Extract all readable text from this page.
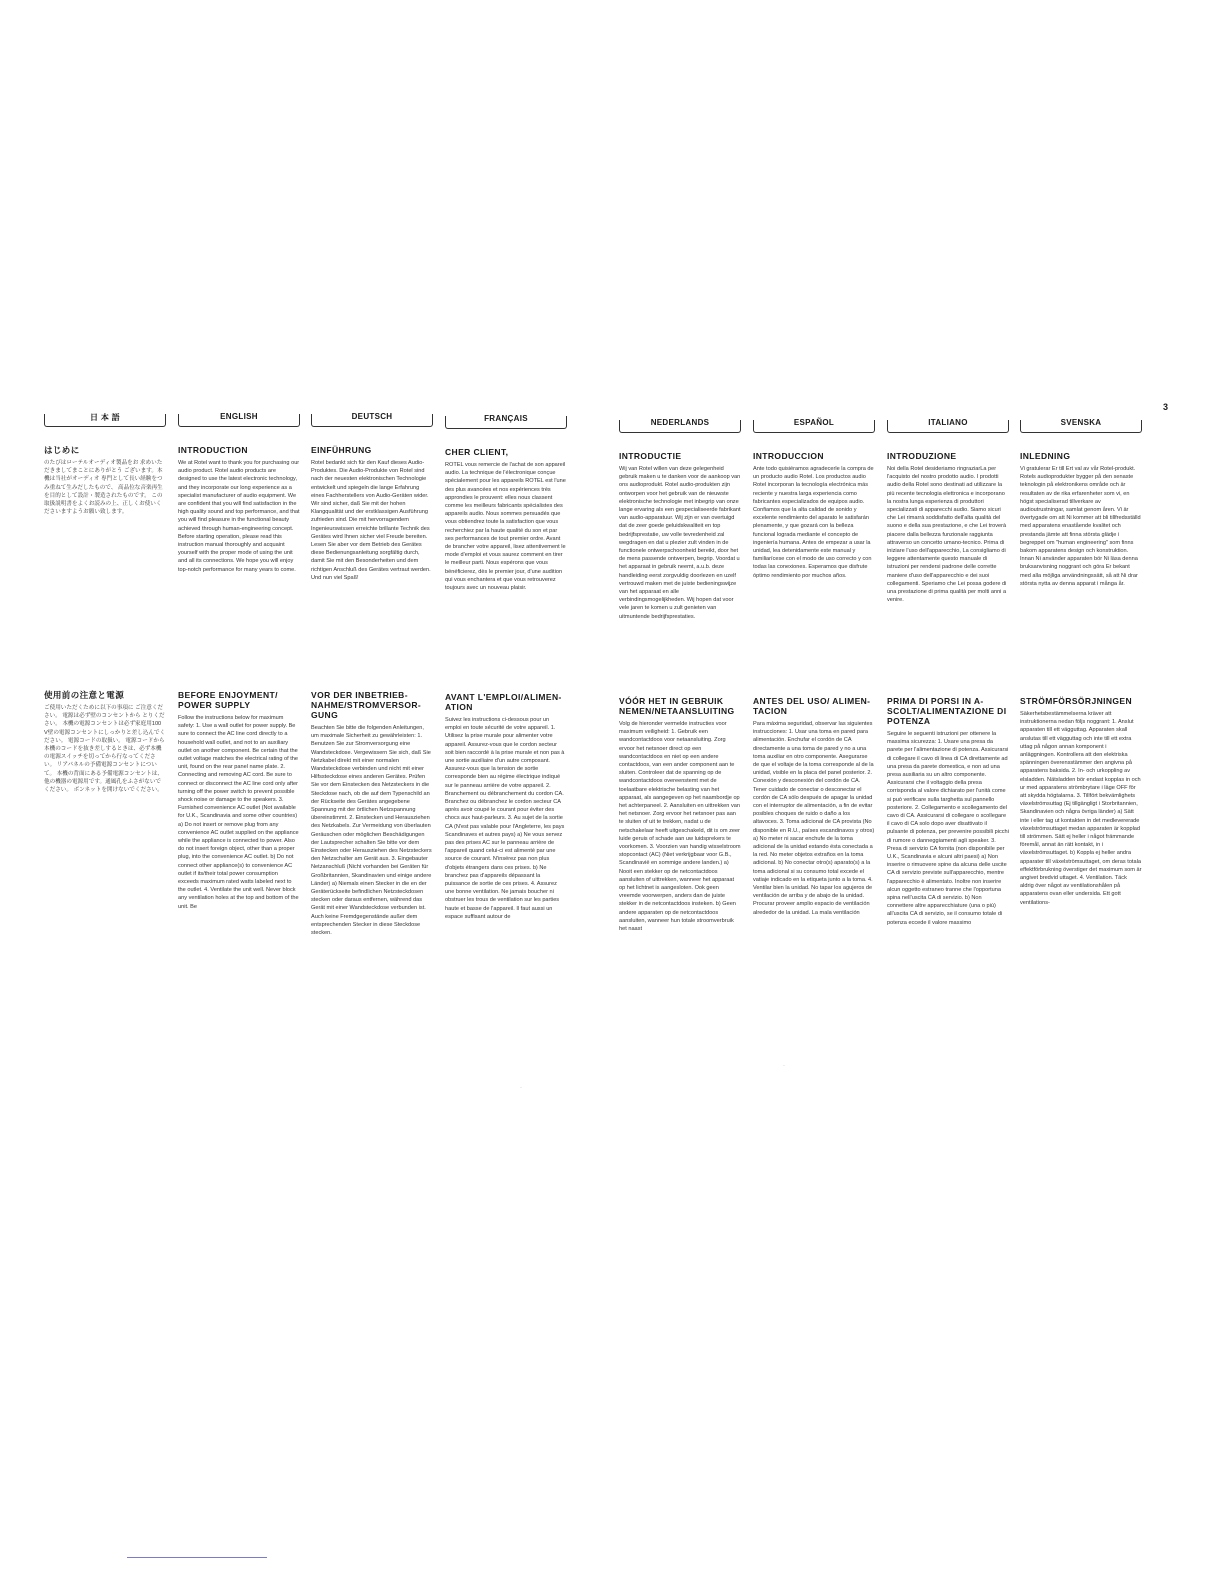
3
日 本 語
はじめに

のたびはローテルオーディオ製品をお 求めいただきましてまことにありがとう ございます。本機は当社がオーディオ 専門として長い経験をつみ重ねて生みだしたもので、 高品位な音楽再生を目的として設計・製造されたものです。 この取扱説明書をよくお読みの上、正しくお使いくださいますようお願い致します。

使用前の注意と電源

ご使用いただくために以下の事項に ご注意ください。 電源は必ず壁のコンセントから とりください。 本機の電源コンセントは必ず家庭用100 V壁の電源コンセントにしっかりと差し込んでください。 電源コードの取扱い。 電源コードから本機のコードを抜き差しするときは、必ず本機の電源スイッチを切ってから行なってください。 リアパネルの予備電源コンセントについて。 本機の背面にある予備電源コンセントは、他の機器の電源用です。通風孔をふさがないでください。 ボンネットを開けないでください。

ENGLISH
INTRODUCTION

We at Rotel want to thank you for purchasing our audio product. Rotel audio products are designed to use the latest electronic technology, and they incorporate our long experience as a specialist manufacturer of audio equipment. We are confident that you will find satisfaction in the high quality sound and top performance, and that you will find pleasure in the functional beauty achieved through human-engineering concept. Before starting operation, please read this instruction manual thoroughly and acquaint yourself with the proper mode of using the unit and all its connections. We hope you will enjoy top-notch performance for many years to come.

BEFORE ENJOYMENT/ POWER SUPPLY

Follow the instructions below for maximum safety: 1. Use a wall outlet for power supply. Be sure to connect the AC line cord directly to a household wall outlet, and not to an auxiliary outlet on another component. Be certain that the outlet voltage matches the electrical rating of the unit, found on the rear panel name plate. 2. Connecting and removing AC cord. Be sure to connect or disconnect the AC line cord only after turning off the power switch to prevent possible shock noise or damage to the speakers. 3. Furnished convenience AC outlet (Not available for U.K., Scandinavia and some other countries) a) Do not insert or remove plug from any convenience AC outlet supplied on the appliance while the appliance is connected to power. Also do not insert foreign object, other than a proper plug, into the convenience AC outlet. b) Do not connect other appliance(s) to convenience AC outlet if its/their total power consumption exceeds maximum rated watts labeled next to the outlet. 4. Ventilate the unit well. Never block any ventilation holes at the top and bottom of the unit. Be

DEUTSCH
EINFÜHRUNG

Rotel bedankt sich für den Kauf dieses Audio-Produktes. Die Audio-Produkte von Rotel sind nach der neuesten elektronischen Technologie entwickelt und spiegeln die lange Erfahrung eines Fachherstellers von Audio-Geräten wider. Wir sind sicher, daß Sie mit der hohen Klangqualität und der erstklassigen Ausführung zufrieden sind. Die mit hervorragendem Ingenieurswissen erreichte brillante Technik des Gerätes wird Ihnen sicher viel Freude bereiten. Lesen Sie aber vor dem Betrieb des Gerätes diese Bedienungsanleitung sorgfältig durch, damit Sie mit den Besonderheiten und dem richtigen Anschluß des Gerätes vertraut werden. Und nun viel Spaß!

VOR DER INBETRIEB-NAHME/STROMVERSOR-GUNG

Beachten Sie bitte die folgenden Anleitungen, um maximale Sicherheit zu gewährleisten: 1. Benutzen Sie zur Stromversorgung eine Wandsteckdose. Vergewissern Sie sich, daß Sie Netzkabel direkt mit einer normalen Wandsteckdose verbinden und nicht mit einer Hilfssteckdose eines anderen Gerätes. Prüfen Sie vor dem Einstecken des Netzsteckers in die Steckdose nach, ob die auf dem Typenschild an der Rückseite des Gerätes angegebene Spannung mit der örtlichen Netzspannung übereinstimmt. 2. Einstecken und Herausziehen des Netzkabels. Zur Vermeidung von überlauten Geräuschen oder möglichen Beschädigungen der Lautsprecher schalten Sie bitte vor dem Einstecken oder Herausziehen des Netzsteckers den Netzschalter am Gerät aus. 3. Eingebauter Netzanschluß (Nicht vorhanden bei Geräten für Großbritannien, Skandinavien und einige andere Länder) a) Niemals einen Stecker in die en der Geräterückseite befindlichen Netzsteckdosen stecken oder daraus entfernen, während das Gerät mit einer Wandsteckdose verbunden ist. Auch keine Fremdgegenstände außer dem entsprechenden Stecker in diese Steckdose stecken.

FRANÇAIS
CHER CLIENT,

ROTEL vous remercie de l'achat de son appareil audio. La technique de l'électronique conçue spécialement pour les appareils ROTEL est l'une des plus avancées et nos expériences très approndies le prouvent: elles nous classent comme les meilleurs fabricants spécialistes des appareils audio. Nous sommes persuadés que vous obtiendrez toute la satisfaction que vous recherchiez par la haute qualité du son et par ses performances de tout premier ordre. Avant de brancher votre appareil, lisez attentivement le mode d'emploi et vous saurez comment en tirer le meilleur parti. Nous espérons que vous bénéficierez, dès le premier jour, d'une audition qui vous enchantera et que vous retrouverez toujours avec un nouveau plaisir.

AVANT L'EMPLOI/ALIMEN-ATION

Suivez les instructions ci-dessous pour un emploi en toute sécurité de votre appareil. 1. Utilisez la prise murale pour alimenter votre appareil. Assurez-vous que le cordon secteur soit bien raccordé à la prise murale et non pas à une sortie auxiliaire d'un autre composant. Assurez-vous que la tension de sortie corresponde bien au régime électrique indiqué sur le panneau arrière de votre appareil. 2. Branchement ou débranchement du cordon CA. Branchez ou débranchez le cordon secteur CA après avoir coupé le courant pour éviter des chocs aux haut-parleurs. 3. Au sujet de la sortie CA (N'est pas valable pour l'Angleterre, les pays Scandinaves et autres pays) a) Ne vous servez pas des prises AC sur le panneau arrière de l'appareil quand celui-ci est alimenté par une source de courant. N'insérez pas non plus d'objets étrangers dans ces prises. b) Ne branchez pas d'appareils dépassant la puissance de sortie de ces prises. 4. Assurez une bonne ventilation. Ne jamais boucher ni obstruer les trous de ventilation sur les parties haute et basse de l'appareil. Il faut aussi un espace suffisant autour de

NEDERLANDS
INTRODUCTIE

Wij van Rotel willen van deze gelegenheid gebruik maken u te danken voor de aankoop van ons audioprodukt. Rotel audio-produkten zijn ontworpen voor het gebruik van de nieuwste elektronische technologie met inbegrip van onze lange ervaring als een gespecialiseerde fabrikant van audio-apparatuur. Wij zijn er van overtuigd dat de zeer goede geluidskwaliteit en top bedrijfsprestatie, uw volle tevredenheid zal wegdragen en dat u plezier zult vinden in de functionele ontwerpschoonheid bereikt, door het de mens passende ontwerpen, begrip. Voordat u het apparaat in gebruik neemt, a.u.b. deze handleiding eerst zorgvuldig doorlezen en uzelf vertrouwd maken met de juiste bedieningswijze van het apparaat en alle verbindingsmogelijkheden. Wij hopen dat voor vele jaren te komen u zult genieten van uitmuntende bedrijfsprestaties.

VÓÓR HET IN GEBRUIK NEMEN/NETAANSLUITING

Volg de hieronder vermelde instructies voor maximum veiligheid: 1. Gebruik een wandcontactdoos voor netaansluiting. Zorg ervoor het netsnoer direct op een wandcontactdoos en niet op een andere contactdoos, van een ander component aan te sluiten. Controleer dat de spanning op de wandcontactdoos overeenstemt met de toelaatbare elektrische belasting van het apparaat, als aangegeven op het naambordje op het achterpaneel. 2. Aansluiten en uittrekken van het netsnoer. Zorg ervoor het netsnoer pas aan te sluiten of uit te trekken, nadat u de netschakelaar heeft uitgeschakeld, dit is om zeer luide geruis of schade aan uw luidsprekers te voorkomen. 3. Voorzien van handig wisselstroom stopcontact (AC) (Niet verkrijgbaar voor G.B., Scandinavië en sommige andere landen.) a) Nooit een stekker op de netcontactdoos aansluiten of uittrekken, wanneer het apparaat op het lichtnet is aangesloten. Ook geen vreemde voorwerpen, anders dan de juiste stekker in de netcontactdoos insteken. b) Geen andere apparaten op de netcontactdoos aansluiten, wanneer hun totale stroomverbruik het naast

ESPAÑOL
INTRODUCCION

Ante todo quisiéramos agradecerle la compra de un producto audio Rotel. Los productos audio Rotel incorporan la tecnología electrónica más reciente y nuestra larga experiencia como fabricantes especializados de equipos audio. Confiamos que la alta calidad de sonido y excelente rendimiento del aparato le satisfarán plenamente, y que gozará con la belleza funcional lograda mediante el concepto de ingeniería humana. Antes de empezar a usar la unidad, lea detenidamente este manual y familiarícese con el modo de uso correcto y con todas las conexiones. Esperamos que disfrute óptimo rendimiento por muchos años.

ANTES DEL USO/ ALIMEN-TACION

Para máxima seguridad, observar las siguientes instrucciones: 1. Usar una toma en pared para alimentación. Enchufar el cordón de CA directamente a una toma de pared y no a una toma auxiliar en otro componente. Asegurarse de que el voltaje de la toma corresponde al de la unidad, visible en la placa del panel posterior. 2. Conexión y desconexión del cordón de CA. Tener cuidado de conectar o desconectar el cordón de CA sólo después de apagar la unidad con el interruptor de alimentación, a fin de evitar posibles choques de ruido o daño a los altavoces. 3. Toma adicional de CA provista (No disponible en R.U., países escandinavos y otros) a) No meter ni sacar enchufe de la toma adicional de la unidad estando ésta conectada a la red. No meter objetos extraños en la toma adicional. b) No conectar otro(s) aparato(s) a la toma adicional si su consumo total excede el vatiaje indicado en la etiqueta junto a la toma. 4. Ventilar bien la unidad. No tapar los agujeros de ventilación de arriba y de abajo de la unidad. Procurar proveer amplio espacio de ventilación alrededor de la unidad. La mala ventilación

ITALIANO
INTRODUZIONE

Noi della Rotel desideriamo ringraziarLa per l'acquisto del nostro prodotto audio. I prodotti audio della Rotel sono destinati ad utilizzare la più recente tecnologia elettronica e incorporano la nostra lunga esperienza di produttori specializzati di apparecchi audio. Siamo sicuri che Lei rimarrà soddisfatto dell'alta qualità del suono e della sua prestazione, e che Lei troverà piacere dalla bellezza funzionale raggiunta attraverso un concetto umano-tecnico. Prima di iniziare l'uso dell'apparecchio, La consigliamo di leggere attentamente questo manuale di istruzioni per rendersi padrone delle corrette maniere d'uso dell'apparecchio e dei suoi collegamenti. Speriamo che Lei possa godere di una prestazione di prima qualità per molti anni a venire.

PRIMA DI PORSI IN A-SCOLT/ALIMENTAZIONE DI POTENZA

Seguire le seguenti istruzioni per ottenere la massima sicurezza: 1. Usare una presa da parete per l'alimentazione di potenza. Assicurarsi di collegare il cavo di linea di CA direttamente ad una presa da parete domestica, e non ad una presa ausiliaria su un altro componente. Assicurarsi che il voltaggio della presa corrisponda al valore dichiarato per l'unità come si può verificare sulla targhetta sul pannello posteriore. 2. Collegamento e scollegamento del cavo di CA. Assicurarsi di collegare o scollegare il cavo di CA solo dopo aver disattivato il pulsante di potenza, per prevenire possibili picchi di rumore o danneggiamenti agli speaker. 3. Presa di servizio CA fornita (non disponibile per U.K., Scandinavia e alcuni altri paesi) a) Non inserire o rimuovere spine da alcuna delle uscite CA di servizio previste sull'apparecchio, mentre l'apparecchio è alimentato. Inoltre non inserire alcun oggetto estraneo tranne che l'opportuna spina nell'uscita CA di servizio. b) Non connettere altre apparecchiature (una o più) all'uscita CA di servizio, se il consumo totale di potenza eccede il valore massimo

SVENSKA
INLEDNING

Vi gratulerar Er till Ert val av vår Rotel-produkt. Rotels audioprodukter bygger på den senaste teknologin på elektronikens område och är resultaten av de rika erfarenheter som vi, en högst specialiserad tillverkare av audioutrustningar, samlat genom åren. Vi är övertygade om att Ni kommer att bli tillfredsställd med apparatens enastående kvalitet och prestanda jämte att finna största glädje i begreppet om "human engineering" som finns bakom apparatens design och konstruktion. Innan Ni använder apparaten bör Ni läsa denna bruksanvisning noggrant och göra Er bekant med alla möjliga användningssätt, så att Ni drar största nytta av denna apparat i många år.

STRÖMFÖRSÖRJNINGEN

Säkerhetsbestämmelserna kräver att instruktionerna nedan följs noggrant: 1. Anslut apparaten till ett vägguttag. Apparaten skall anslutas till ett vägguttag och inte till ett extra uttag på någon annan komponent i anläggningen. Kontrollera att den elektriska spänningen överensstämmer den angivna på apparatens baksida. 2. In- och urkoppling av elsladden. Nätsladden bör endast kopplas in och ur med apparatens strömbrytare i läge OFF för att skydda högtalarna. 3. Tillfört bekvämlighets växelströmsuttag (Ej tillgängligt i Storbritannien, Skandinavien och några övriga länder) a) Sätt inte i eller tag ut kontakten in det medlevererade växelströmsuttaget medan apparaten är kopplad till strömmen. Sätt ej heller i något främmande föremål, annat än rätt kontakt, in i växelströmsuttaget. b) Koppla ej heller andra apparater till växelströmsuttaget, om deras totala effektförbrukning överstiger det maximum som är angivet bredvid uttaget. 4. Ventilation. Täck aldrig över något av ventilationshålen på apparatens ovan eller undersida. Ett gott ventilations-

·
·
